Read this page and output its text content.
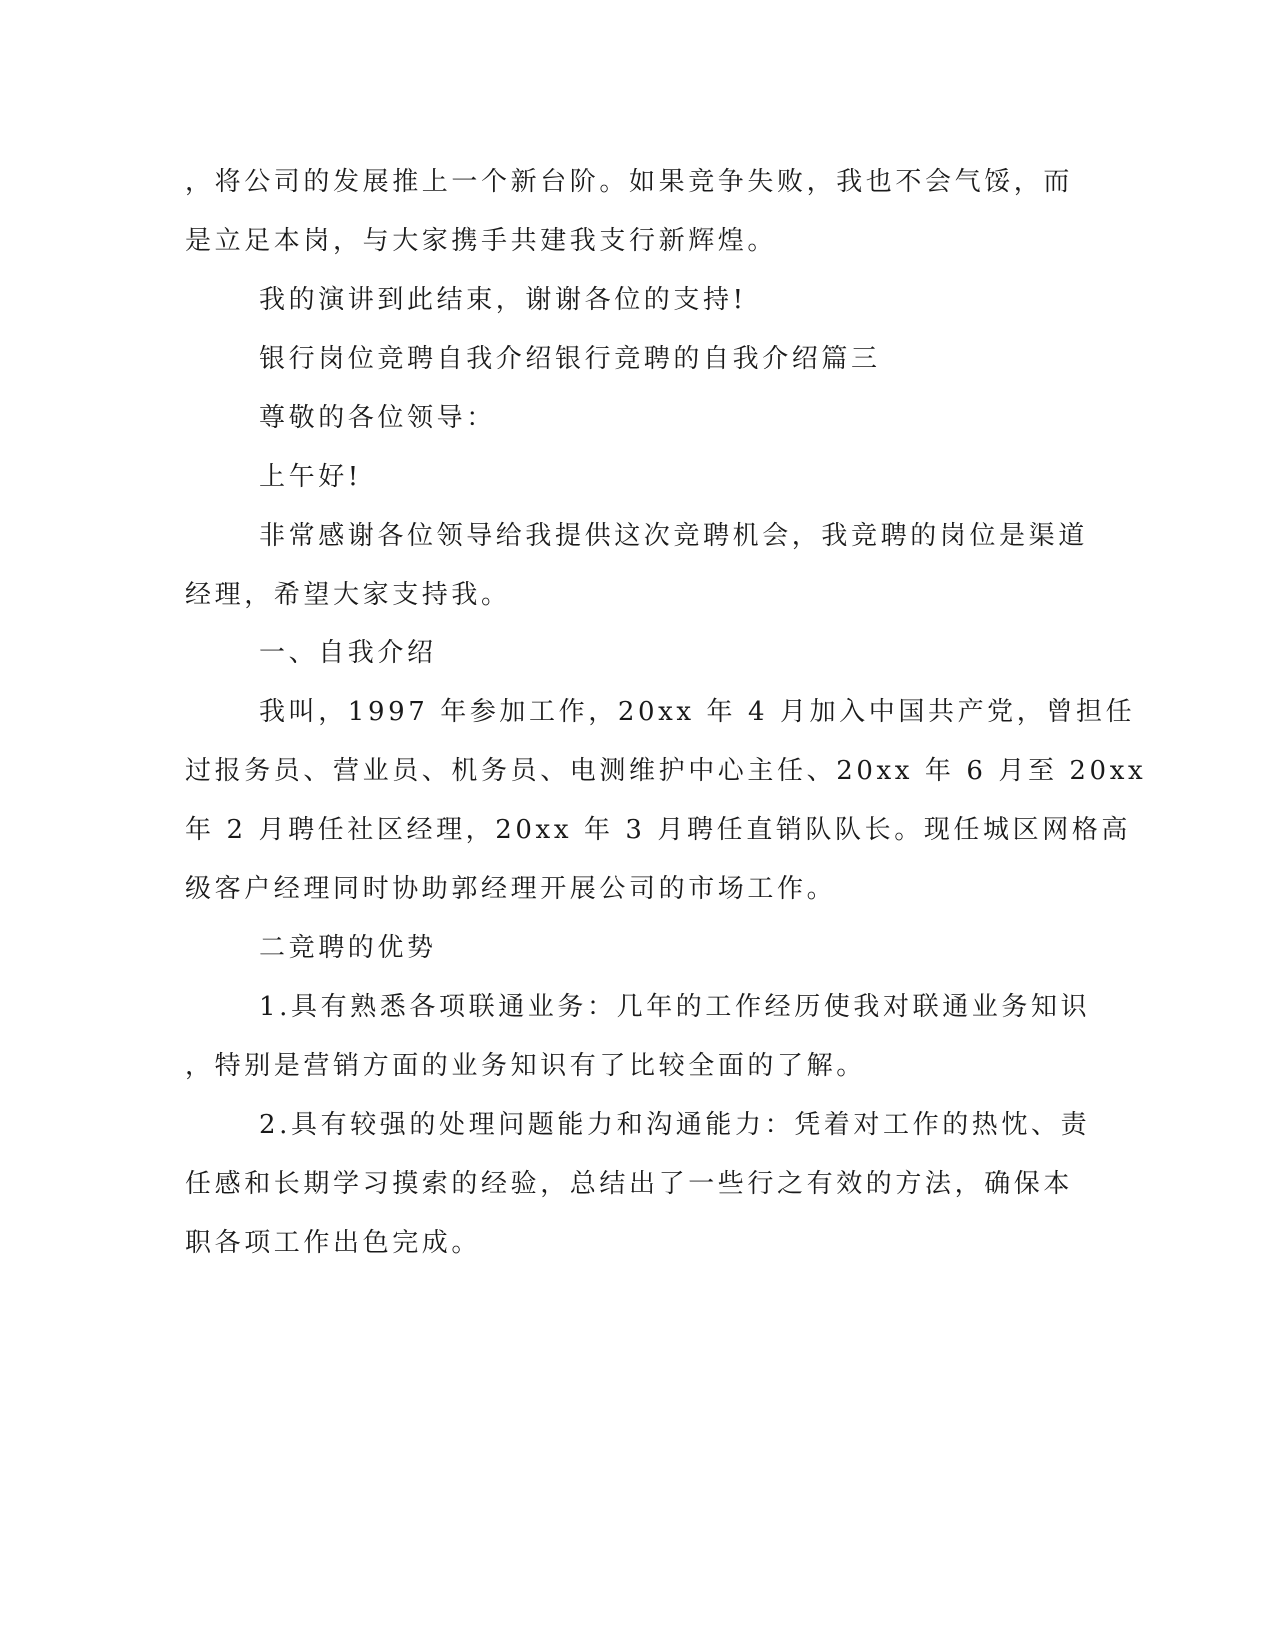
，将公司的发展推上一个新台阶。如果竞争失败，我也不会气馁，而

是立足本岗，与大家携手共建我支行新辉煌。

我的演讲到此结束，谢谢各位的支持!

银行岗位竞聘自我介绍银行竞聘的自我介绍篇三

尊敬的各位领导：

上午好!

非常感谢各位领导给我提供这次竞聘机会，我竞聘的岗位是渠道

经理，希望大家支持我。

一、自我介绍

我叫，1997 年参加工作，20xx 年 4 月加入中国共产党，曾担任

过报务员、营业员、机务员、电测维护中心主任、20xx 年 6 月至 20xx

年 2 月聘任社区经理，20xx 年 3 月聘任直销队队长。现任城区网格高

级客户经理同时协助郭经理开展公司的市场工作。

二竞聘的优势

1.具有熟悉各项联通业务：几年的工作经历使我对联通业务知识

，特别是营销方面的业务知识有了比较全面的了解。

2.具有较强的处理问题能力和沟通能力：凭着对工作的热忱、责

任感和长期学习摸索的经验，总结出了一些行之有效的方法，确保本

职各项工作出色完成。
